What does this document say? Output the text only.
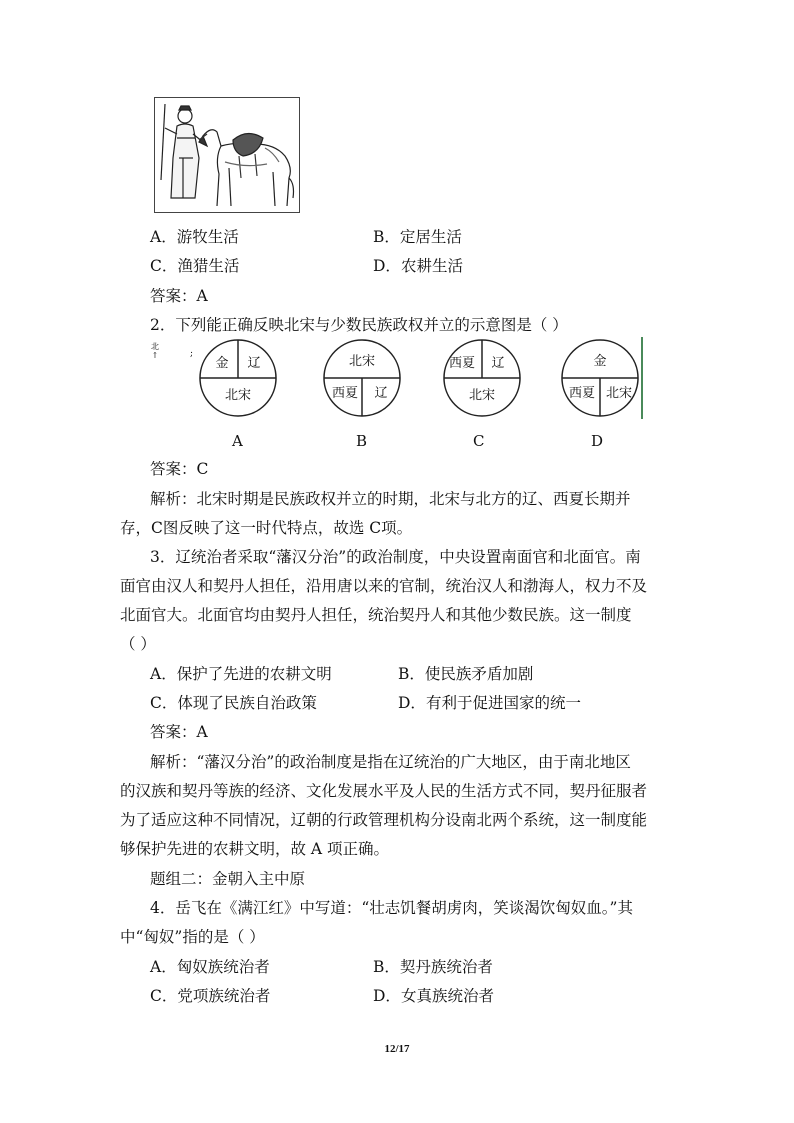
A．游牧生活	B．定居生活
C．渔猎生活	D．农耕生活
答案：A
2．下列能正确反映北宋与少数民族政权并立的示意图是（ ）
北
↑	;
金 辽
北宋
北宋
西夏 辽
西夏 辽
北宋
金
西夏 北宋
A	B	C	D
答案：C
解析：北宋时期是民族政权并立的时期，北宋与北方的辽、西夏长期并
存，C图反映了这一时代特点，故选 C项。
3．辽统治者采取“藩汉分治”的政治制度，中央设置南面官和北面官。南
面官由汉人和契丹人担任，沿用唐以来的官制，统治汉人和渤海人，权力不及
北面官大。北面官均由契丹人担任，统治契丹人和其他少数民族。这一制度
（ ）
A．保护了先进的农耕文明	B．使民族矛盾加剧
C．体现了民族自治政策	D．有利于促进国家的统一
答案：A
解析：“藩汉分治”的政治制度是指在辽统治的广大地区，由于南北地区
的汉族和契丹等族的经济、文化发展水平及人民的生活方式不同，契丹征服者
为了适应这种不同情况，辽朝的行政管理机构分设南北两个系统，这一制度能
够保护先进的农耕文明，故 A 项正确。
题组二：金朝入主中原
4．岳飞在《满江红》中写道：“壮志饥餐胡虏肉，笑谈渴饮匈奴血。”其
中“匈奴”指的是（ ）
A．匈奴族统治者	B．契丹族统治者
C．党项族统治者	D．女真族统治者
12/17
